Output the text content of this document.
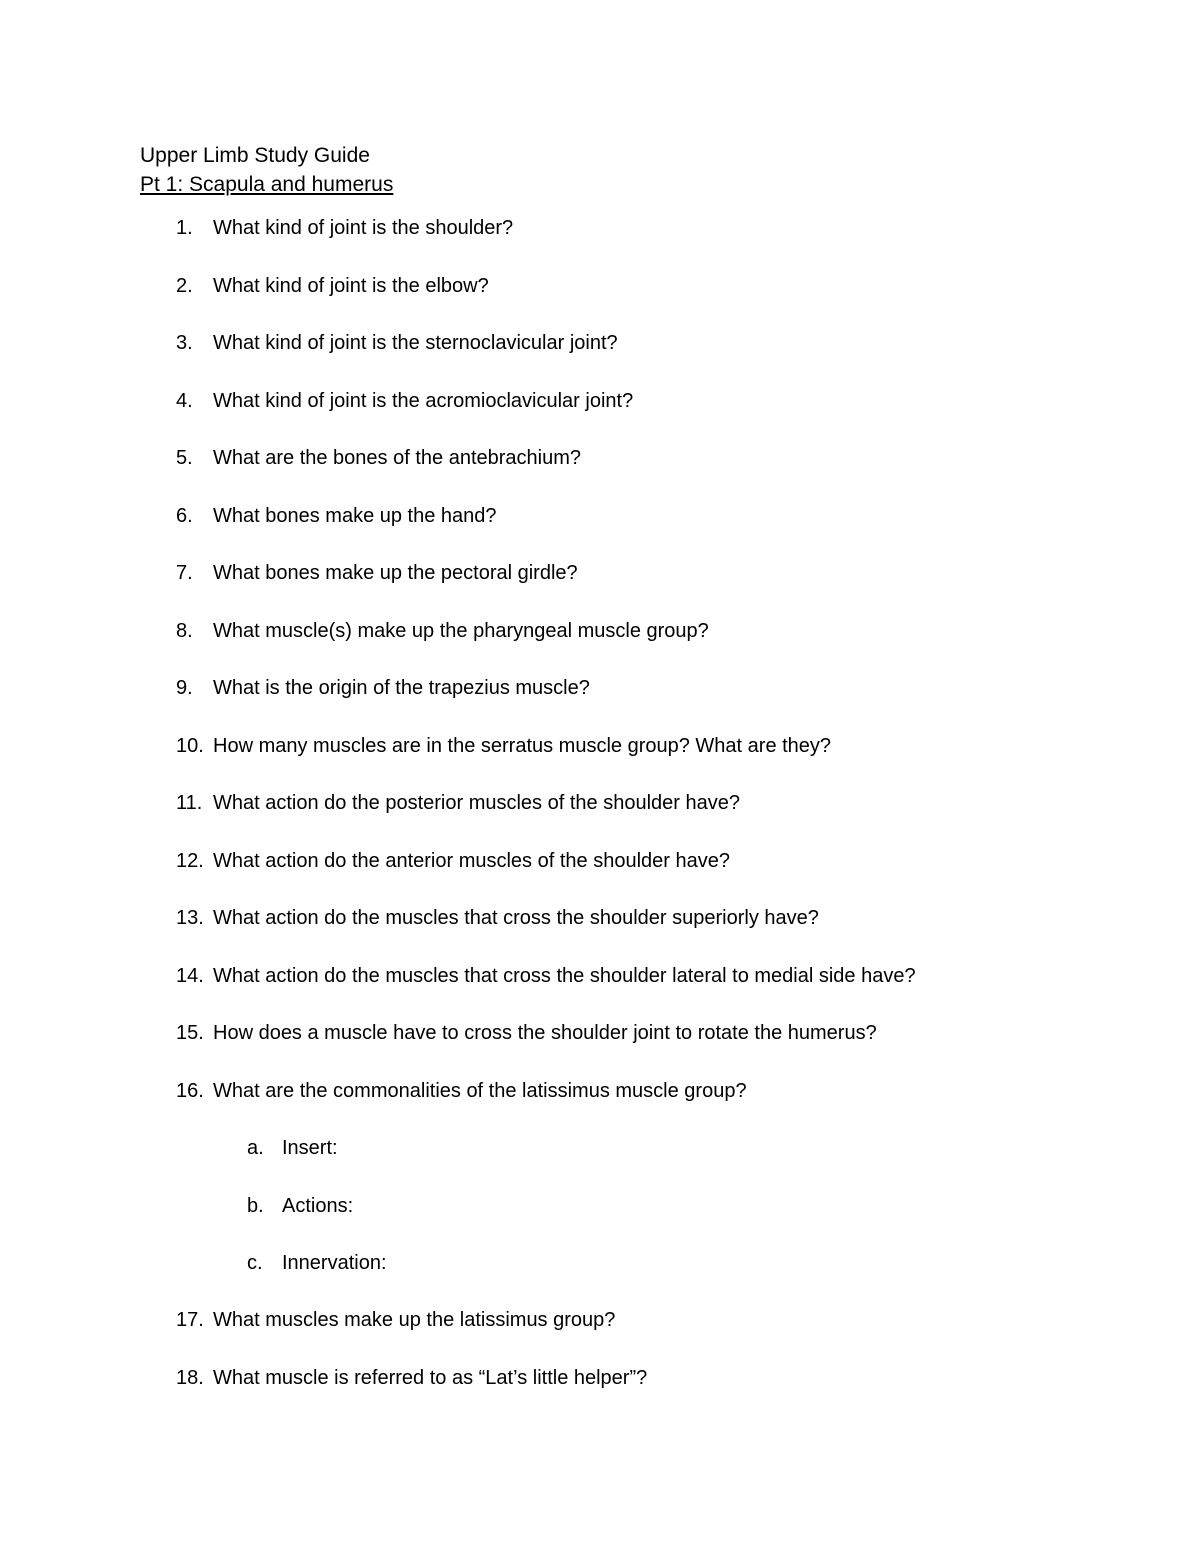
Upper Limb Study Guide
Pt 1: Scapula and humerus
1. What kind of joint is the shoulder?
2. What kind of joint is the elbow?
3. What kind of joint is the sternoclavicular joint?
4. What kind of joint is the acromioclavicular joint?
5. What are the bones of the antebrachium?
6. What bones make up the hand?
7. What bones make up the pectoral girdle?
8. What muscle(s) make up the pharyngeal muscle group?
9. What is the origin of the trapezius muscle?
10. How many muscles are in the serratus muscle group? What are they?
11. What action do the posterior muscles of the shoulder have?
12. What action do the anterior muscles of the shoulder have?
13. What action do the muscles that cross the shoulder superiorly have?
14. What action do the muscles that cross the shoulder lateral to medial side have?
15. How does a muscle have to cross the shoulder joint to rotate the humerus?
16. What are the commonalities of the latissimus muscle group?
a. Insert:
b. Actions:
c. Innervation:
17. What muscles make up the latissimus group?
18. What muscle is referred to as “Lat’s little helper”?
